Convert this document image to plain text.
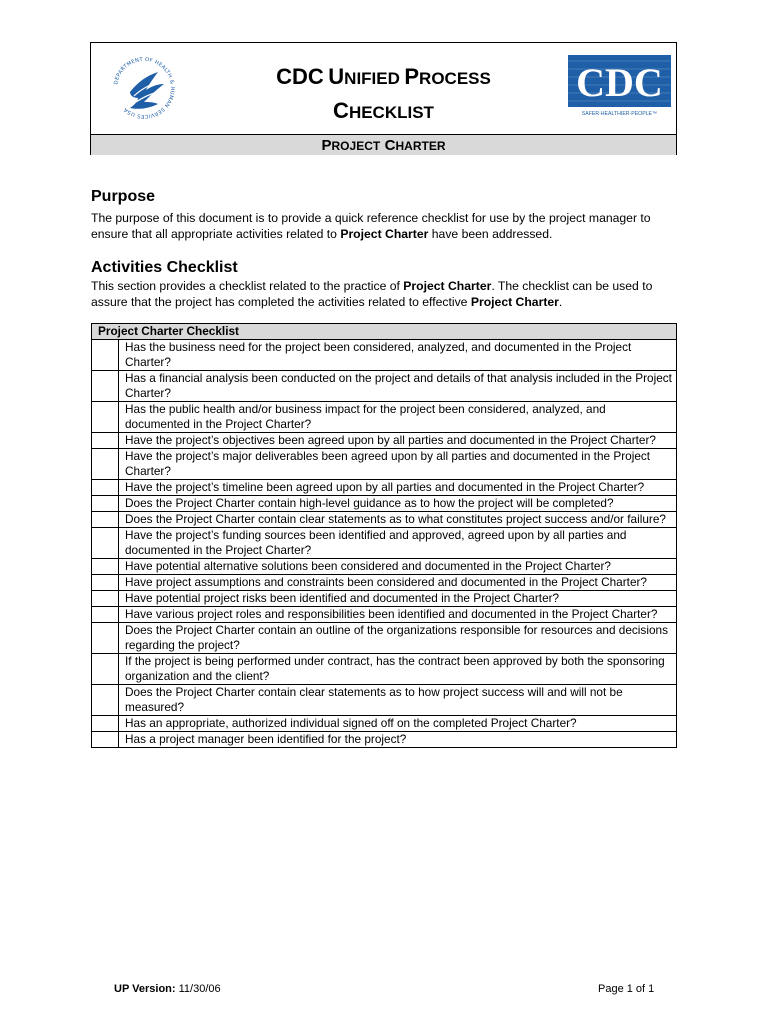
DEPARTMENT OF HEALTH & HUMAN SERVICES USA
CDC UNIFIED PROCESS
CHECKLIST
CDC
SAFER·HEALTHIER·PEOPLE™
PROJECT CHARTER
Purpose

The purpose of this document is to provide a quick reference checklist for use by the project manager to ensure that all appropriate activities related to Project Charter have been addressed.

Activities Checklist

This section provides a checklist related to the practice of Project Charter. The checklist can be used to assure that the project has completed the activities related to effective Project Charter.

Project Charter Checklist	
	Has the business need for the project been considered, analyzed, and documented in the Project Charter?
	Has a financial analysis been conducted on the project and details of that analysis included in the Project Charter?
	Has the public health and/or business impact for the project been considered, analyzed, and documented in the Project Charter?
	Have the project’s objectives been agreed upon by all parties and documented in the Project Charter?
	Have the project’s major deliverables been agreed upon by all parties and documented in the Project Charter?
	Have the project’s timeline been agreed upon by all parties and documented in the Project Charter?
	Does the Project Charter contain high-level guidance as to how the project will be completed?
	Does the Project Charter contain clear statements as to what constitutes project success and/or failure?
	Have the project’s funding sources been identified and approved, agreed upon by all parties and documented in the Project Charter?
	Have potential alternative solutions been considered and documented in the Project Charter?
	Have project assumptions and constraints been considered and documented in the Project Charter?
	Have potential project risks been identified and documented in the Project Charter?
	Have various project roles and responsibilities been identified and documented in the Project Charter?
	Does the Project Charter contain an outline of the organizations responsible for resources and decisions regarding the project?
	If the project is being performed under contract, has the contract been approved by both the sponsoring organization and the client?
	Does the Project Charter contain clear statements as to how project success will and will not be measured?
	Has an appropriate, authorized individual signed off on the completed Project Charter?
	Has a project manager been identified for the project?
UP Version: 11/30/06	Page 1 of 1
